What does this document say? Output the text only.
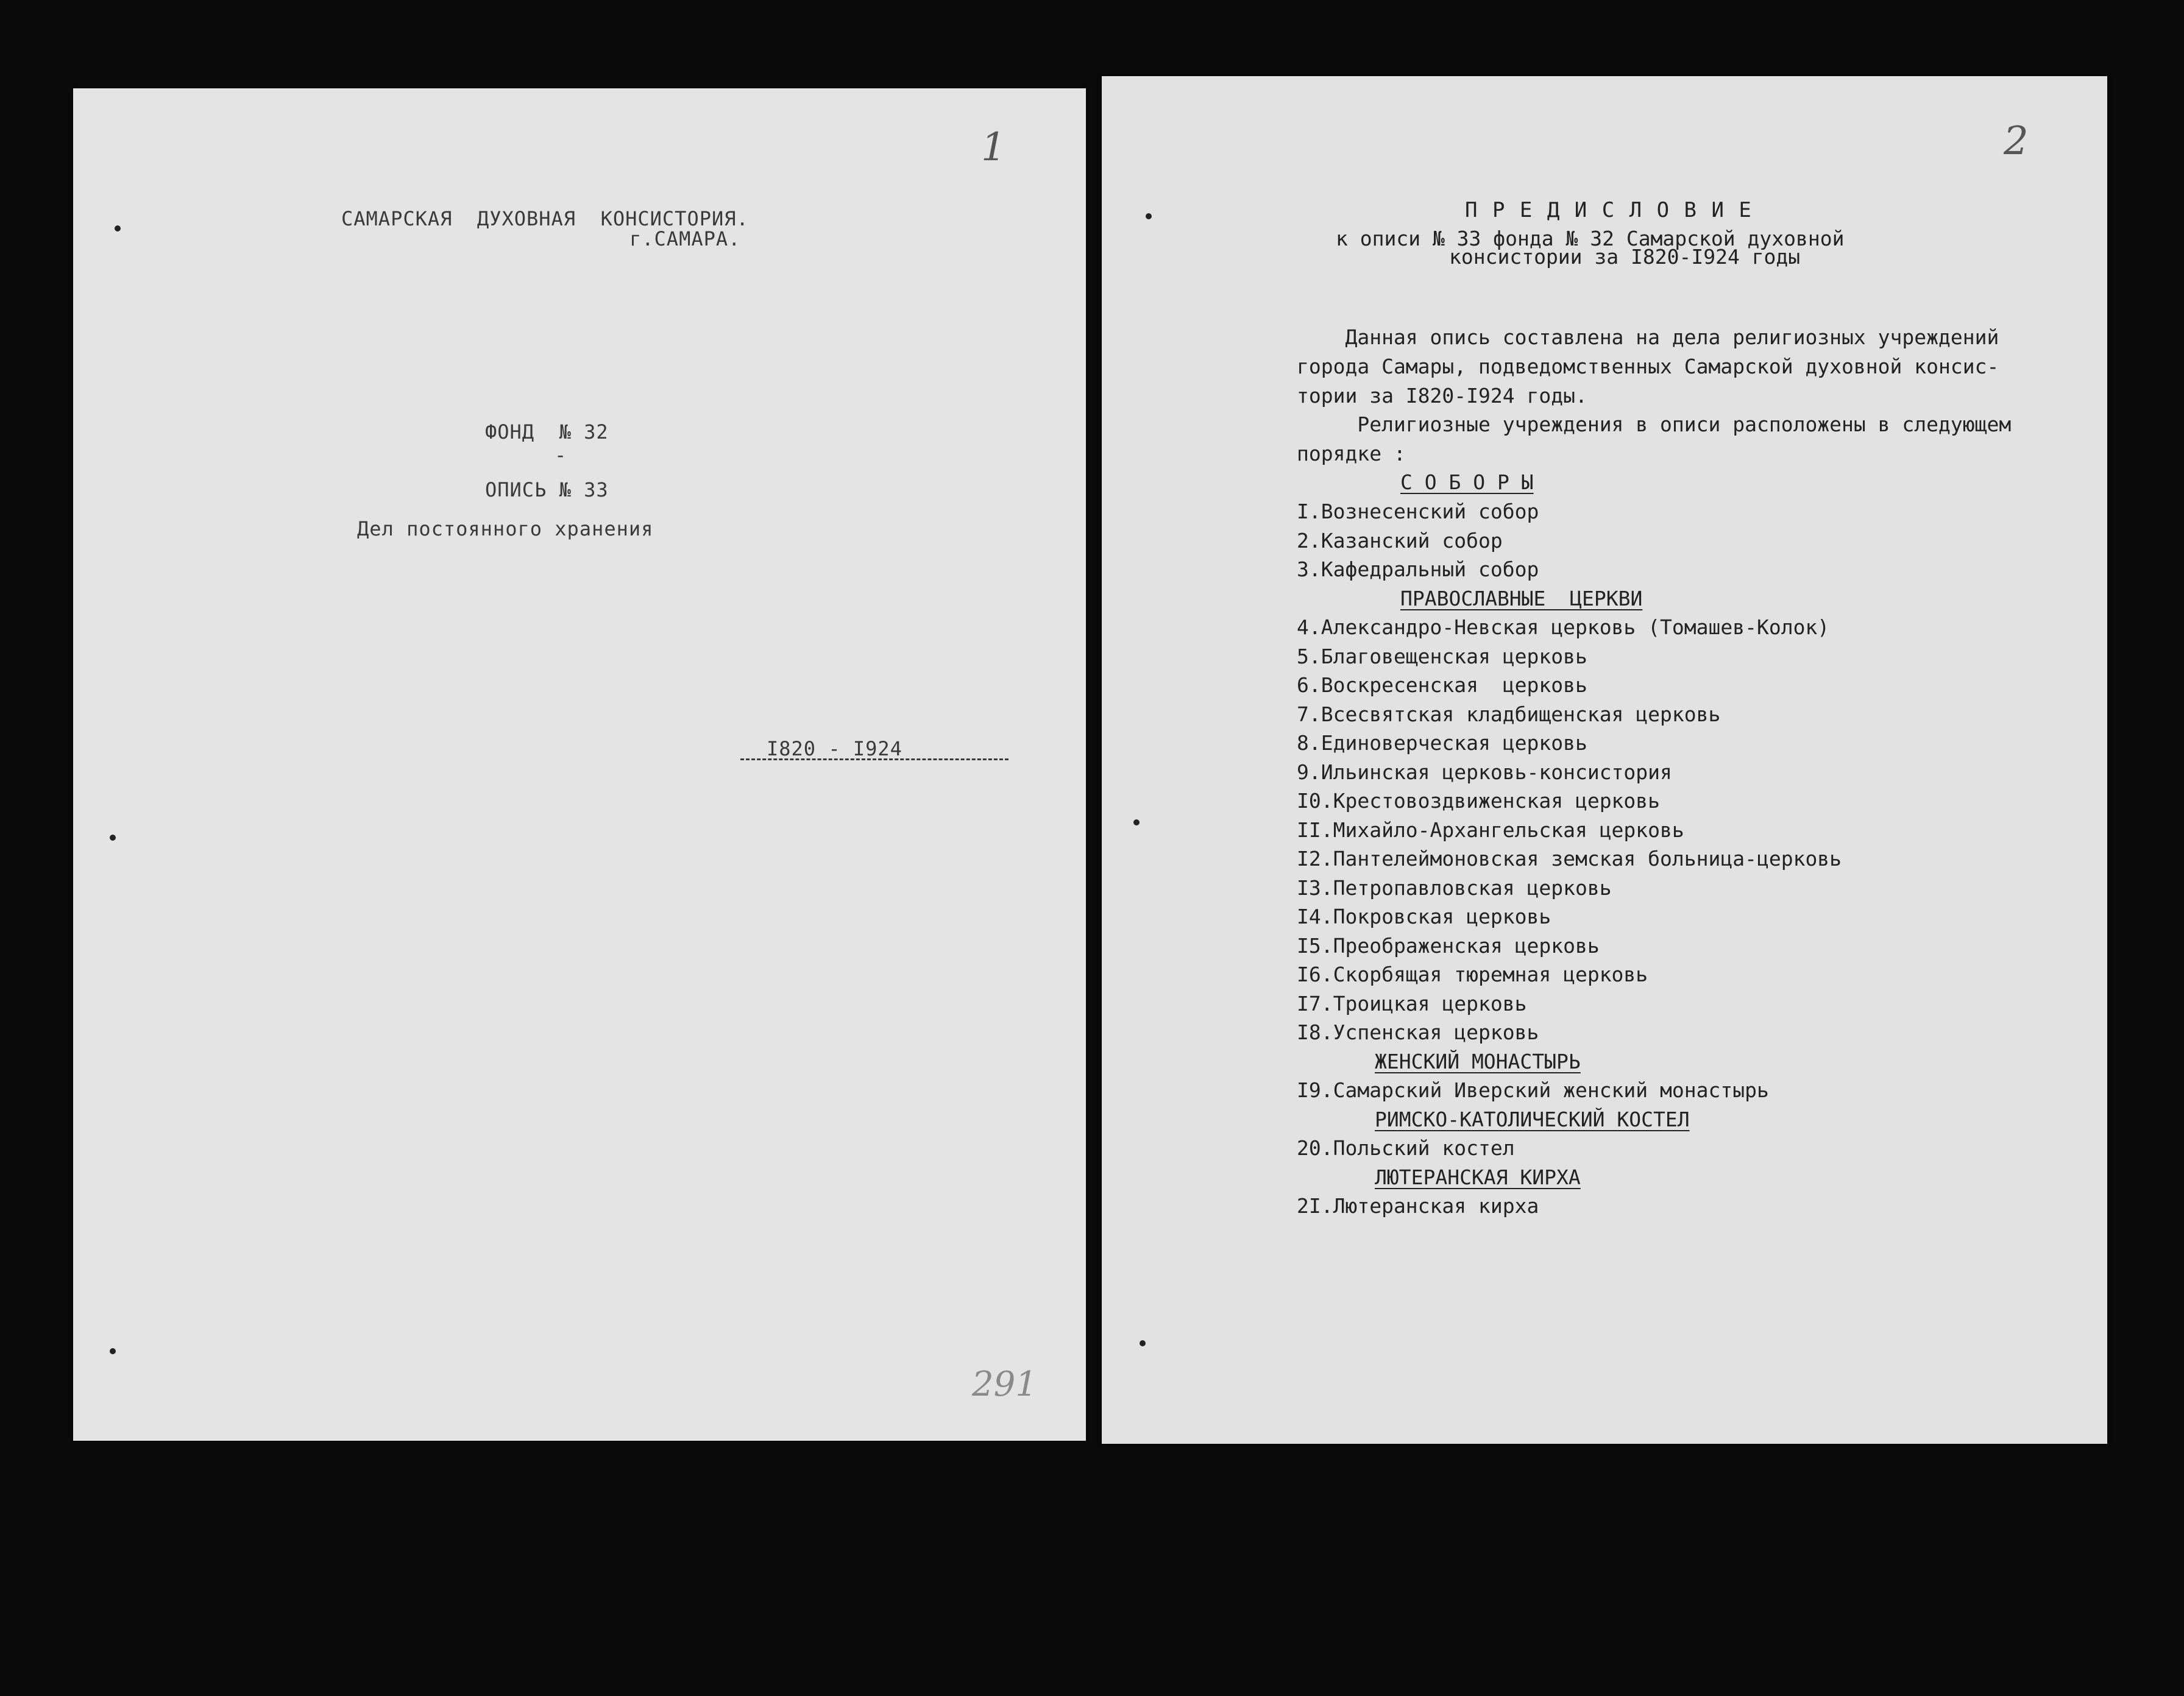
1
САМАРСКАЯ  ДУХОВНАЯ  КОНСИСТОРИЯ.
г.САМАРА.
ФОНД  № 32
-
ОПИСЬ № 33
Дел постоянного хранения
I820 - I924
291
2
П Р Е Д И С Л О В И Е
к описи № 33 фонда № 32 Самарской духовной
консистории за I820-I924 годы
Данная опись составлена на дела религиозных учреждений
города Самары, подведомственных Самарской духовной консис-
тории за I820-I924 годы.
Религиозные учреждения в описи расположены в следующем
порядке :
С О Б О Р Ы
I.Вознесенский собор
2.Казанский собор
3.Кафедральный собор
ПРАВОСЛАВНЫЕ  ЦЕРКВИ
4.Александро-Невская церковь (Томашев-Колок)
5.Благовещенская церковь
6.Воскресенская  церковь
7.Всесвятская кладбищенская церковь
8.Единоверческая церковь
9.Ильинская церковь-консистория
I0.Крестовоздвиженская церковь
II.Михайло-Архангельская церковь
I2.Пантелеймоновская земская больница-церковь
I3.Петропавловская церковь
I4.Покровская церковь
I5.Преображенская церковь
I6.Скорбящая тюремная церковь
I7.Троицкая церковь
I8.Успенская церковь
ЖЕНСКИЙ МОНАСТЫРЬ
I9.Самарский Иверский женский монастырь
РИМСКО-КАТОЛИЧЕСКИЙ КОСТЕЛ
20.Польский костел
ЛЮТЕРАНСКАЯ КИРХА
2I.Лютеранская кирха
